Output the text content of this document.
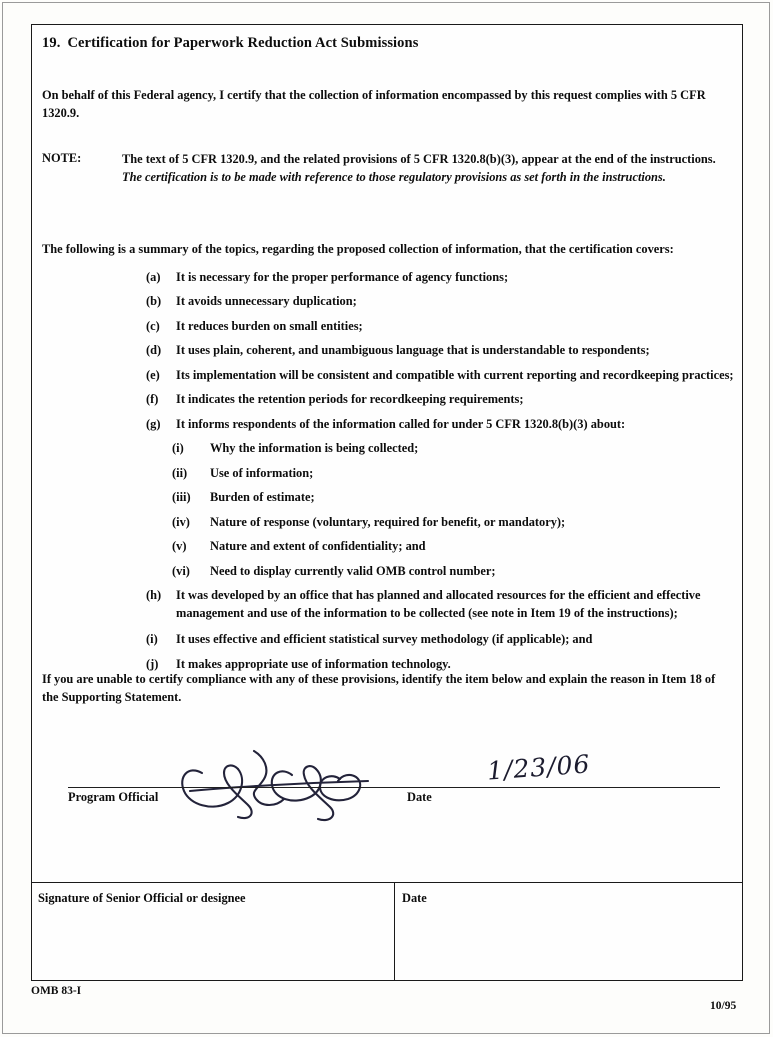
19. Certification for Paperwork Reduction Act Submissions
On behalf of this Federal agency, I certify that the collection of information encompassed by this request complies with 5 CFR 1320.9.
NOTE:	The text of 5 CFR 1320.9, and the related provisions of 5 CFR 1320.8(b)(3), appear at the end of the instructions. The certification is to be made with reference to those regulatory provisions as set forth in the instructions.
The following is a summary of the topics, regarding the proposed collection of information, that the certification covers:
(a)	It is necessary for the proper performance of agency functions;
(b)	It avoids unnecessary duplication;
(c)	It reduces burden on small entities;
(d)	It uses plain, coherent, and unambiguous language that is understandable to respondents;
(e)	Its implementation will be consistent and compatible with current reporting and recordkeeping practices;
(f)	It indicates the retention periods for recordkeeping requirements;
(g)	It informs respondents of the information called for under 5 CFR 1320.8(b)(3) about:
(i)	Why the information is being collected;
(ii)	Use of information;
(iii)	Burden of estimate;
(iv)	Nature of response (voluntary, required for benefit, or mandatory);
(v)	Nature and extent of confidentiality; and
(vi)	Need to display currently valid OMB control number;
(h)	It was developed by an office that has planned and allocated resources for the efficient and effective management and use of the information to be collected (see note in Item 19 of the instructions);
(i)	It uses effective and efficient statistical survey methodology (if applicable); and
(j)	It makes appropriate use of information technology.
If you are unable to certify compliance with any of these provisions, identify the item below and explain the reason in Item 18 of the Supporting Statement.
1/23/06
Program Official	Date
Signature of Senior Official or designee	Date
OMB 83-I
10/95
